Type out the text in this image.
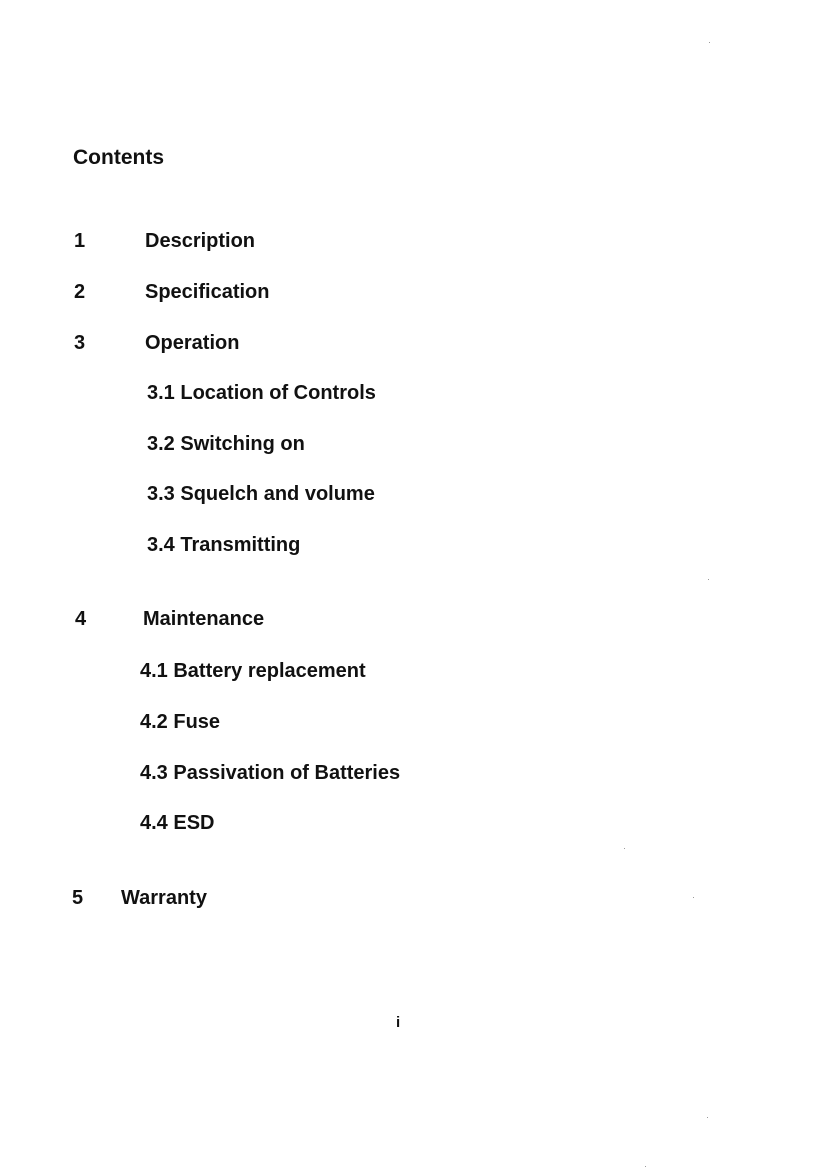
Contents
1	Description
2	Specification
3	Operation
3.1 Location of Controls
3.2 Switching on
3.3 Squelch and volume
3.4 Transmitting
4	Maintenance
4.1 Battery replacement
4.2 Fuse
4.3 Passivation of Batteries
4.4 ESD
5 Warranty
i
